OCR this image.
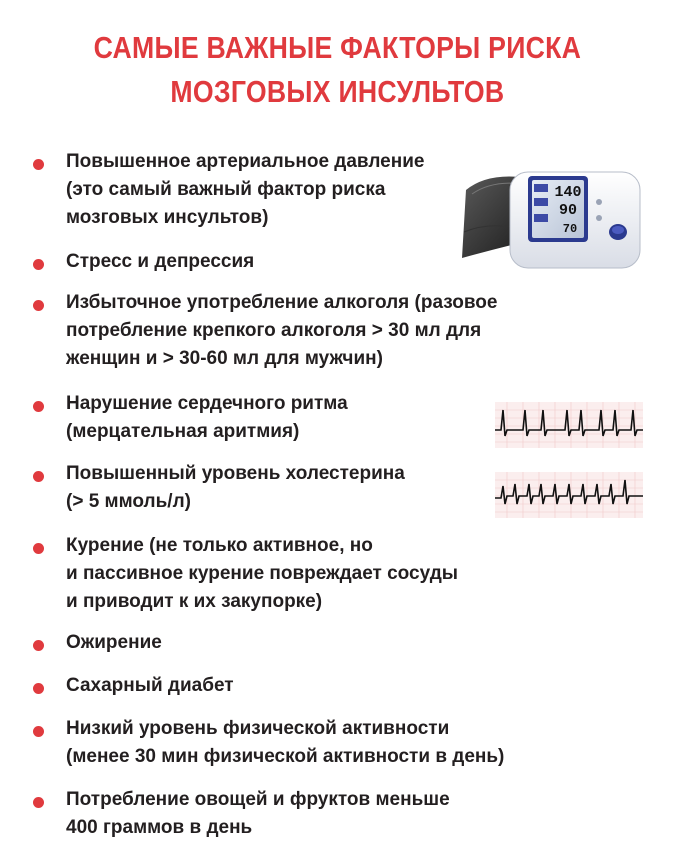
САМЫЕ ВАЖНЫЕ ФАКТОРЫ РИСКА
МОЗГОВЫХ ИНСУЛЬТОВ
Повышенное артериальное давление
(это самый важный фактор риска
мозговых инсультов)
Стресс и депрессия
Избыточное употребление алкоголя (разовое
потребление крепкого алкоголя > 30 мл для
женщин и > 30-60 мл для мужчин)
Нарушение сердечного ритма
(мерцательная аритмия)
Повышенный уровень холестерина
(> 5 ммоль/л)
Курение (не только активное, но
и пассивное курение повреждает сосуды
и приводит к их закупорке)
Ожирение
Сахарный диабет
Низкий уровень физической активности
(менее 30 мин физической активности в день)
Потребление овощей и фруктов меньше
400 граммов в день
140
90
70
